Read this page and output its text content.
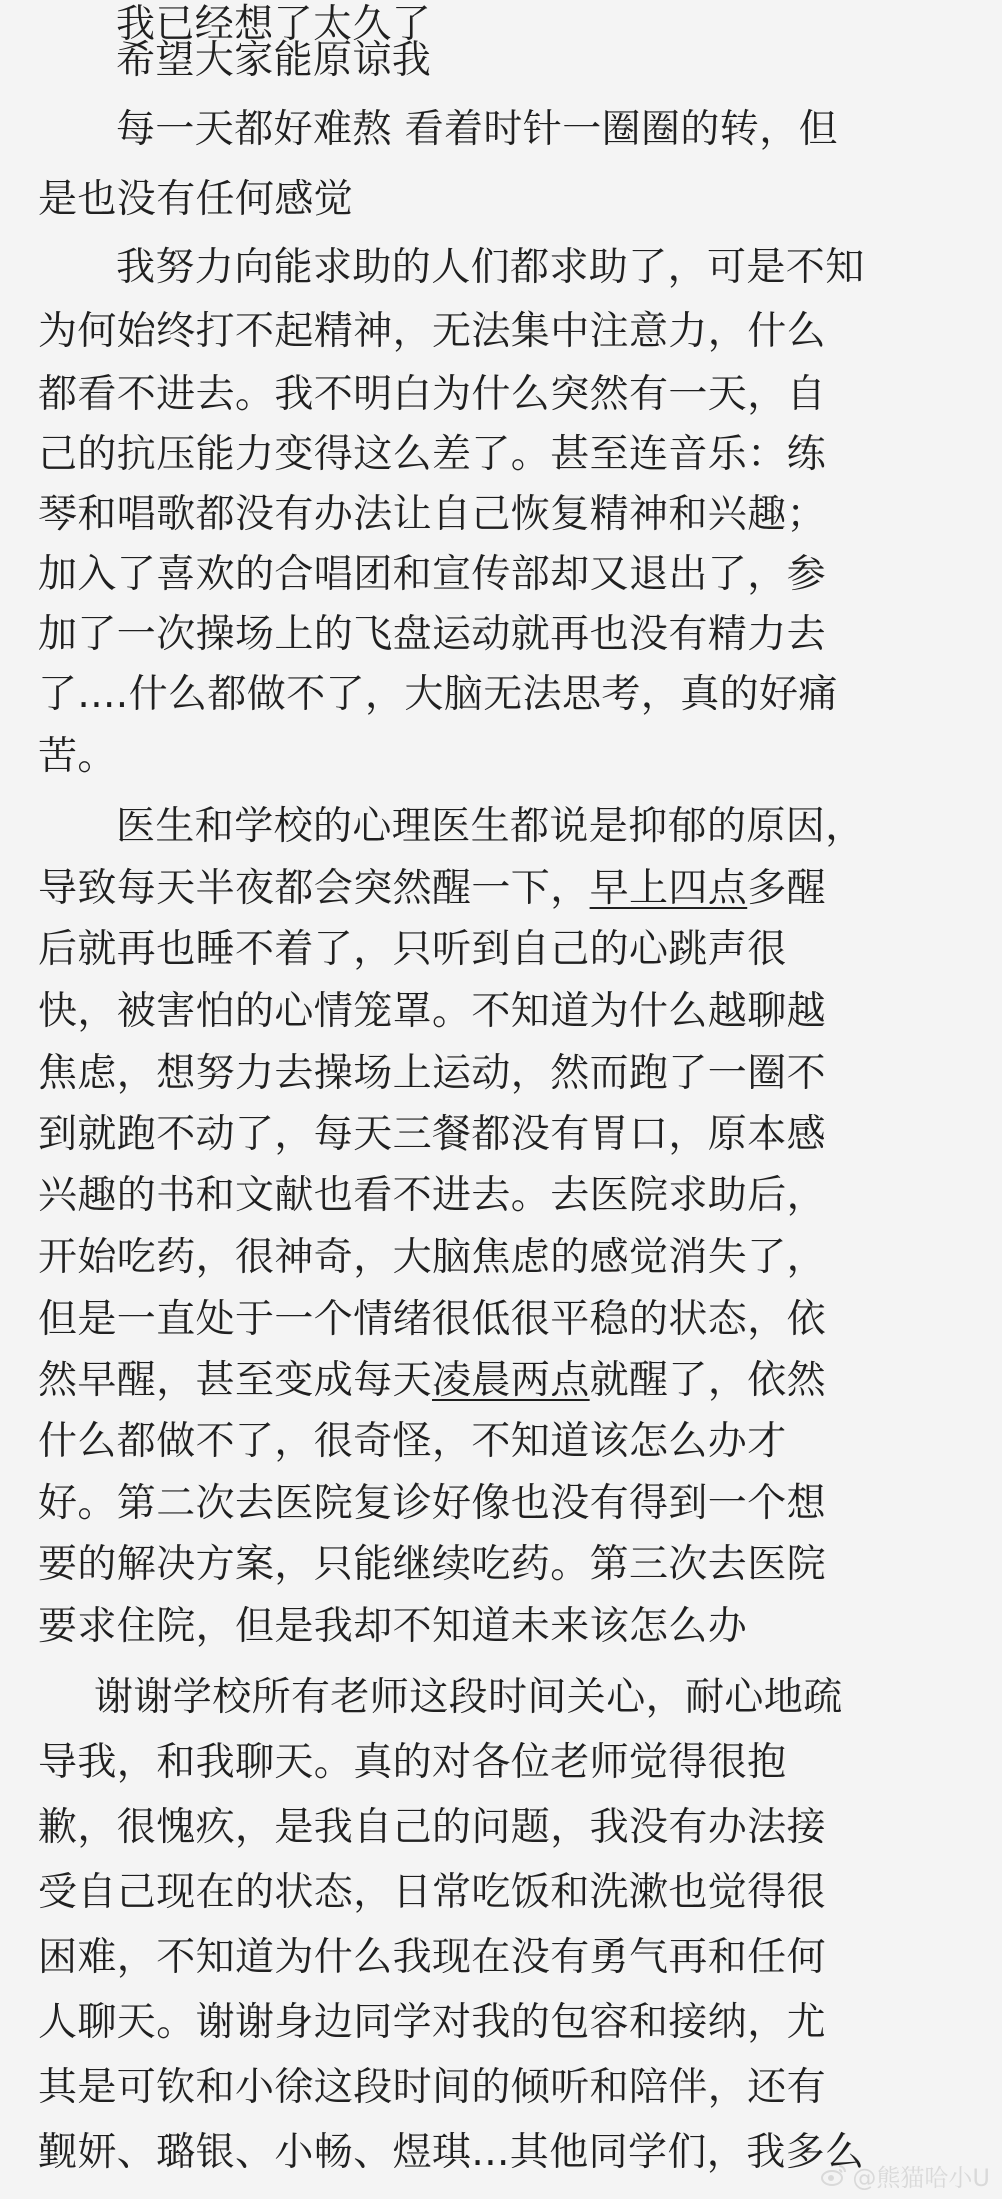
我已经想了太久了
希望大家能原谅我
每一天都好难熬 看着时针一圈圈的转，但
是也没有任何感觉
我努力向能求助的人们都求助了，可是不知
为何始终打不起精神，无法集中注意力，什么
都看不进去。我不明白为什么突然有一天，自
己的抗压能力变得这么差了。甚至连音乐：练
琴和唱歌都没有办法让自己恢复精神和兴趣；
加入了喜欢的合唱团和宣传部却又退出了，参
加了一次操场上的飞盘运动就再也没有精力去
了....什么都做不了，大脑无法思考，真的好痛
苦。
医生和学校的心理医生都说是抑郁的原因，
导致每天半夜都会突然醒一下，早上四点多醒
后就再也睡不着了，只听到自己的心跳声很
快，被害怕的心情笼罩。不知道为什么越聊越
焦虑，想努力去操场上运动，然而跑了一圈不
到就跑不动了，每天三餐都没有胃口，原本感
兴趣的书和文献也看不进去。去医院求助后，
开始吃药，很神奇，大脑焦虑的感觉消失了，
但是一直处于一个情绪很低很平稳的状态，依
然早醒，甚至变成每天凌晨两点就醒了，依然
什么都做不了，很奇怪，不知道该怎么办才
好。第二次去医院复诊好像也没有得到一个想
要的解决方案，只能继续吃药。第三次去医院
要求住院，但是我却不知道未来该怎么办
谢谢学校所有老师这段时间关心，耐心地疏
导我，和我聊天。真的对各位老师觉得很抱
歉，很愧疚，是我自己的问题，我没有办法接
受自己现在的状态，日常吃饭和洗漱也觉得很
困难，不知道为什么我现在没有勇气再和任何
人聊天。谢谢身边同学对我的包容和接纳，尤
其是可钦和小徐这段时间的倾听和陪伴，还有
觐妍、璐银、小畅、煜琪...其他同学们，我多么
@熊猫哈小U
